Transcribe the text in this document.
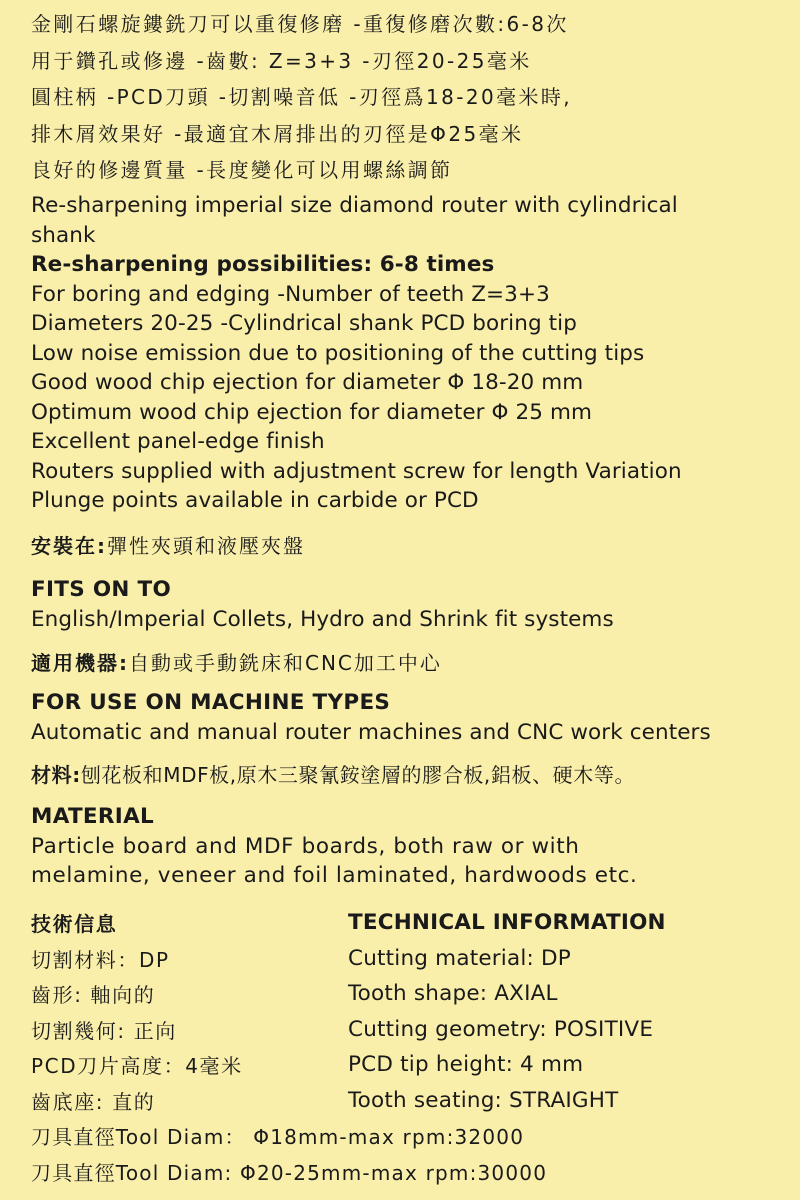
金剛石螺旋鏤銑刀可以重復修磨 -重復修磨次數:6-8次
用于鑽孔或修邊 -齒數: Z=3+3 -刃徑20-25毫米
圓柱柄 -PCD刀頭 -切割噪音低 -刃徑爲18-20毫米時,
排木屑效果好 -最適宜木屑排出的刃徑是Φ25毫米
良好的修邊質量 -長度變化可以用螺絲調節
Re-sharpening imperial size diamond router with cylindrical
shank
Re-sharpening possibilities: 6-8 times
For boring and edging -Number of teeth Z=3+3
Diameters 20-25 -Cylindrical shank PCD boring tip
Low noise emission due to positioning of the cutting tips
Good wood chip ejection for diameter Φ 18-20 mm
Optimum wood chip ejection for diameter Φ 25 mm
Excellent panel-edge finish
Routers supplied with adjustment screw for length Variation
Plunge points available in carbide or PCD
安裝在:彈性夾頭和液壓夾盤
FITS ON TO
English/Imperial Collets, Hydro and Shrink fit systems
適用機器:自動或手動銑床和CNC加工中心
FOR USE ON MACHINE TYPES
Automatic and manual router machines and CNC work centers
材料:刨花板和MDF板,原木三聚氰銨塗層的膠合板,鋁板、硬木等。
MATERIAL
Particle board and MDF boards, both raw or with
melamine, veneer and foil laminated, hardwoods etc.
技術信息	TECHNICAL INFORMATION
切割材料：DP	Cutting material: DP
齒形: 軸向的	Tooth shape: AXIAL
切割幾何: 正向	Cutting geometry: POSITIVE
PCD刀片高度：4毫米	PCD tip height: 4 mm
齒底座: 直的	Tooth seating: STRAIGHT
刀具直徑Tool Diam： Φ18mm-max rpm:32000
刀具直徑Tool Diam: Φ20-25mm-max rpm:30000
